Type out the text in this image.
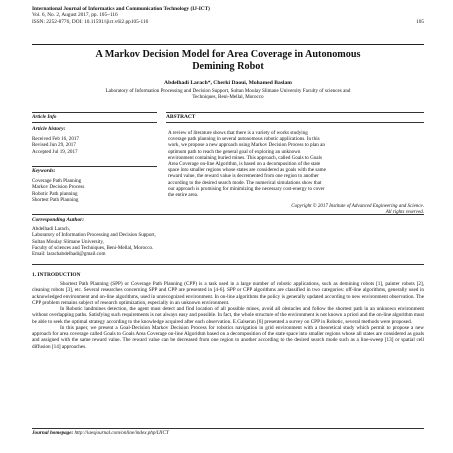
International Journal of Informatics and Communication Technology (IJ-ICT)
Vol. 6, No. 2, August 2017, pp. 105~116
ISSN: 2252-8776, DOI: 10.11591/ijict.v6i2.pp105-116	105
A Markov Decision Model for Area Coverage in Autonomous
Demining Robot
Abdelhadi Larach*, Cherki Daoui, Mohamed Baslam
Laboratory of Information Processing and Decision Support, Sultan Moulay Slimane University Faculty of sciences and
Techniques, Beni-Mellal, Morocco
Article Info	ABSTRACT
Article history:
Received Feb 16, 2017
Revised Jun 29, 2017
Accepted Jul 19, 2017
Keywords:
Coverage Path Planning
Markov Decision Process
Robotic Path planning
Shortest Path Planning
A review of literature shows that there is a variety of works studying
coverage path planning in several autonomous robotic applications. In this
work, we propose a new approach using Markov Decision Process to plan an
optimum path to reach the general goal of exploring an unknown
environment containing buried mines. This approach, called Goals to Goals
Area Coverage on-line Algorithm, is based on a decomposition of the state
space into smaller regions whose states are considered as goals with the same
reward value, the reward value is decremented from one region to another
according to the desired search mode. The numerical simulations show that
our approach is promising for minimizing the necessary cost-energy to cover
the entire area.
Copyright © 2017 Institute of Advanced Engineering and Science.
All rights reserved.
Corresponding Author:
Abdelhadi Larach,
Laboratory of Information Processing and Decision Support,
Sultan Moulay Slimane University,
Faculty of sciences and Techniques, Beni-Mellal, Morocco.
Email: larachabdelhadi@gmail.com
1. INTRODUCTION

Shortest Path Planning (SPP) or Coverage Path Planning (CPP) is a task used in a large number of robotic applications, such as demining robots [1], painter robots [2], cleaning robots [3], etc. Several researches concerning SPP and CPP are presented in [4-6]. SPP or CPP algorithms are classified in two categories: off-line algorithms, generally used in acknowledged environment and on-line algorithms, used in unrecognized environment. In on-line algorithms the policy is generally updated according to new environment observation. The CPP problem remains subject of research optimization, especially in an unknown environment.

In Robotic landmines detection, the agent must detect and find location of all possible mines, avoid all obstacles and follow the shortest path in an unknown environment without overlapping paths. Satisfying such requirements is not always easy and possible. In fact, the whole structure of the environment is not known a priori and the on-line algorithm must be able to seek the optimal strategy according to the knowledge acquired after each observation. E.Galseran [6] presented a survey on CPP in Robotic, several methods were proposed.

In this paper, we present a Goal-Decision Markov Decision Process for robotics navigation in grid environment with a theoretical study which permit to propose a new approach for area coverage called Goals to Goals Area Coverage on-line Algorithm based on a decomposition of the state space into smaller regions whose all states are considered as goals and assigned with the same reward value. The reward value can be decreased from one region to another according to the desired search mode such as a line-sweep [13] or spatial cell diffusion [14] approaches.

Journal homepage: http://iaesjournal.com/online/index.php/IJICT
